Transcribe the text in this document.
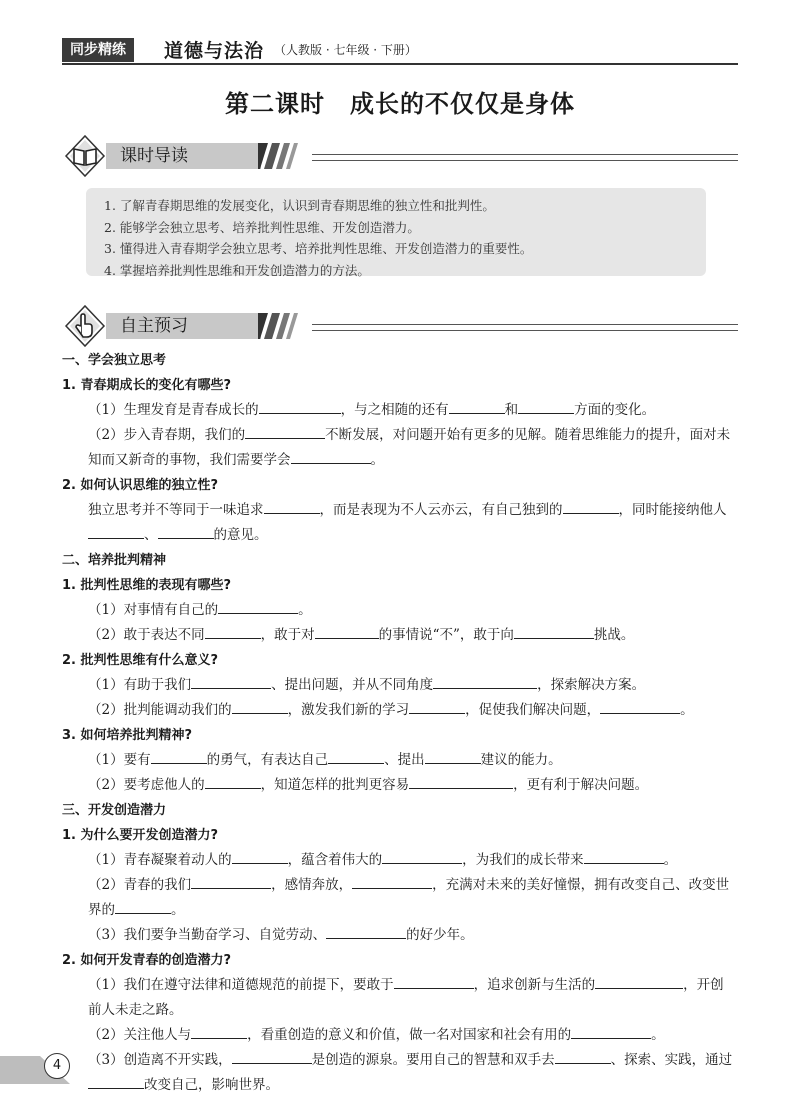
同步精练	道德与法治 （人教版 · 七年级 · 下册）
第二课时　成长的不仅仅是身体
课时导读
1. 了解青春期思维的发展变化，认识到青春期思维的独立性和批判性。
2. 能够学会独立思考、培养批判性思维、开发创造潜力。
3. 懂得进入青春期学会独立思考、培养批判性思维、开发创造潜力的重要性。
4. 掌握培养批判性思维和开发创造潜力的方法。
自主预习
一、学会独立思考
1. 青春期成长的变化有哪些?
（1）生理发育是青春成长的	，与之相随的还有	和	方面的变化。
（2）步入青春期，我们的	不断发展，对问题开始有更多的见解。随着思维能力的提升，面对未
知而又新奇的事物，我们需要学会	。
2. 如何认识思维的独立性?
独立思考并不等同于一味追求	，而是表现为不人云亦云，有自己独到的	，同时能接纳他人
、	的意见。
二、培养批判精神
1. 批判性思维的表现有哪些?
（1）对事情有自己的	。
（2）敢于表达不同	，敢于对	的事情说“不”，敢于向	挑战。
2. 批判性思维有什么意义?
（1）有助于我们	、提出问题，并从不同角度	，探索解决方案。
（2）批判能调动我们的	，激发我们新的学习	，促使我们解决问题，	。
3. 如何培养批判精神?
（1）要有	的勇气，有表达自己	、提出	建议的能力。
（2）要考虑他人的	，知道怎样的批判更容易	，更有利于解决问题。
三、开发创造潜力
1. 为什么要开发创造潜力?
（1）青春凝聚着动人的	，蕴含着伟大的	，为我们的成长带来	。
（2）青春的我们	，感情奔放，	，充满对未来的美好憧憬，拥有改变自己、改变世
界的	。
（3）我们要争当勤奋学习、自觉劳动、	的好少年。
2. 如何开发青春的创造潜力?
（1）我们在遵守法律和道德规范的前提下，要敢于	，追求创新与生活的	，开创
前人未走之路。
（2）关注他人与	，看重创造的意义和价值，做一名对国家和社会有用的	。
（3）创造离不开实践，	是创造的源泉。要用自己的智慧和双手去	、探索、实践，通过
改变自己，影响世界。
4
